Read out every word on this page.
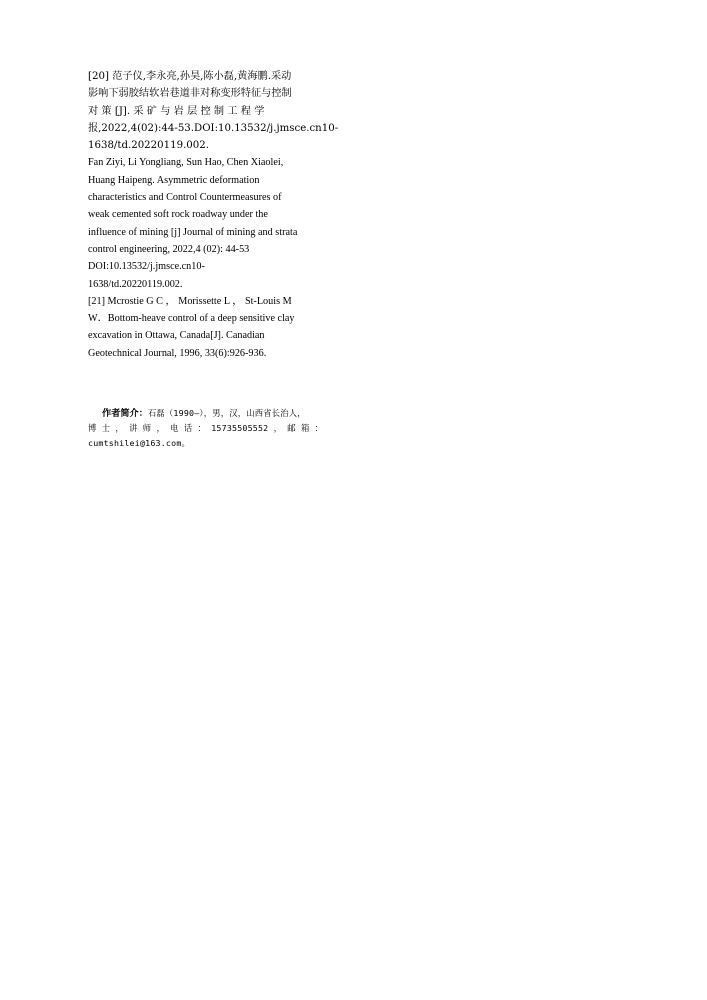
[20] 范子仪,李永亮,孙昊,陈小磊,黄海鹏.采动
影响下弱胶结软岩巷道非对称变形特征与控制
对 策 [J]. 采 矿 与 岩 层 控 制 工 程 学
报,2022,4(02):44-53.DOI:10.13532/j.jmsce.cn10-
1638/td.20220119.002.
Fan Ziyi, Li Yongliang, Sun Hao, Chen Xiaolei,
Huang Haipeng. Asymmetric deformation
characteristics and Control Countermeasures of
weak cemented soft rock roadway under the
influence of mining [j] Journal of mining and strata
control engineering, 2022,4 (02): 44-53
DOI:10.13532/j.jmsce.cn10-
1638/td.20220119.002.
[21] Mcrostie G C ， Morissette L ， St-Louis M
W．Bottom-heave control of a deep sensitive clay
excavation in Ottawa, Canada[J]. Canadian
Geotechnical Journal, 1996, 33(6):926-936.
作者简介：石磊（1990—），男，汉，山西省长治人，
博 士 ， 讲 师 ， 电 话 ： 15735505552 ， 邮 箱 ：
cumtshilei@163.com。
